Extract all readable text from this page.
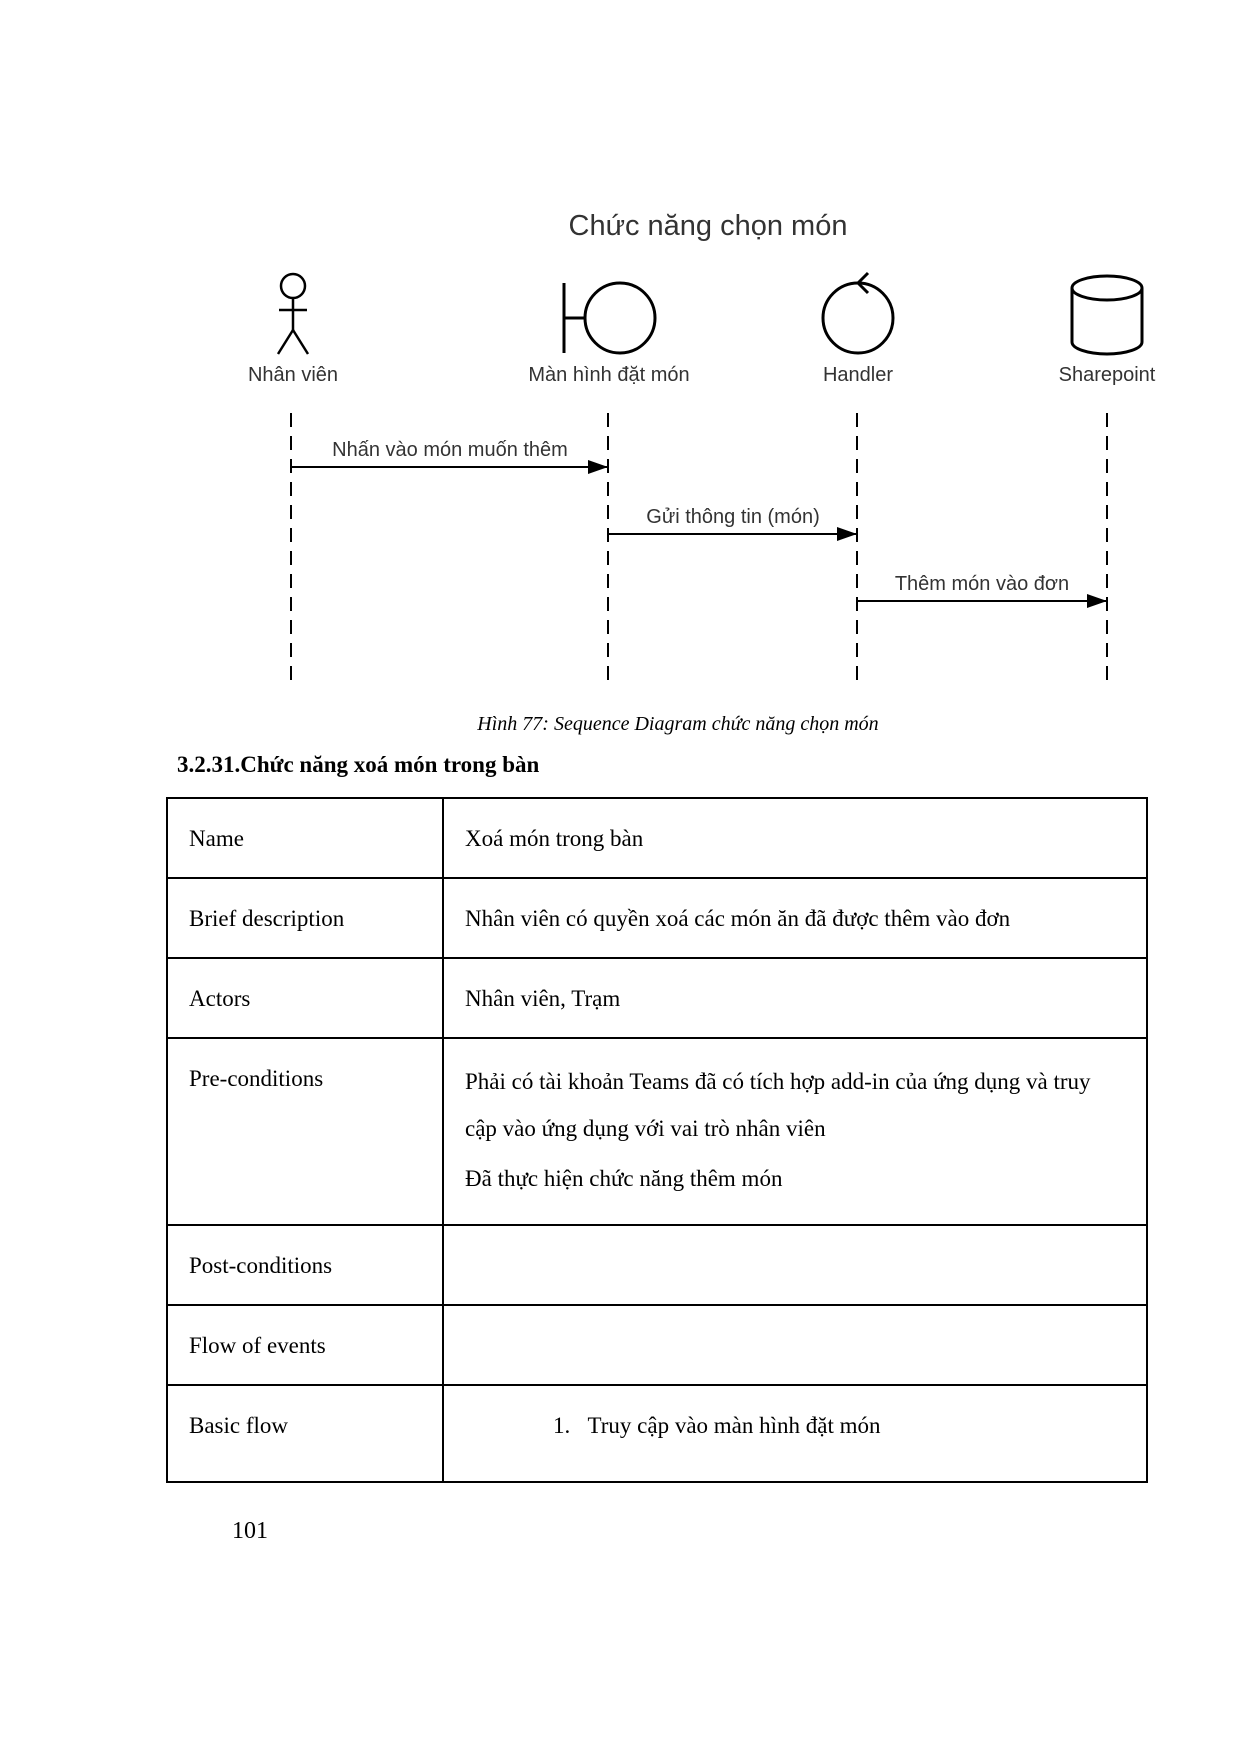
Chức năng chọn món
Nhân viên	Màn hình đặt món	Handler	Sharepoint
Nhấn vào món muốn thêm
Gửi thông tin (món)
Thêm món vào đơn
Hình 77: Sequence Diagram chức năng chọn món
3.2.31.Chức năng xoá món trong bàn
Name	Xoá món trong bàn
Brief description	Nhân viên có quyền xoá các món ăn đã được thêm vào đơn
Actors	Nhân viên, Trạm
Pre-conditions	Phải có tài khoản Teams đã có tích hợp add-in của ứng dụng và truy cập vào ứng dụng với vai trò nhân viên
Đã thực hiện chức năng thêm món

Post-conditions	
Flow of events	
Basic flow	1.   Truy cập vào màn hình đặt món
101
